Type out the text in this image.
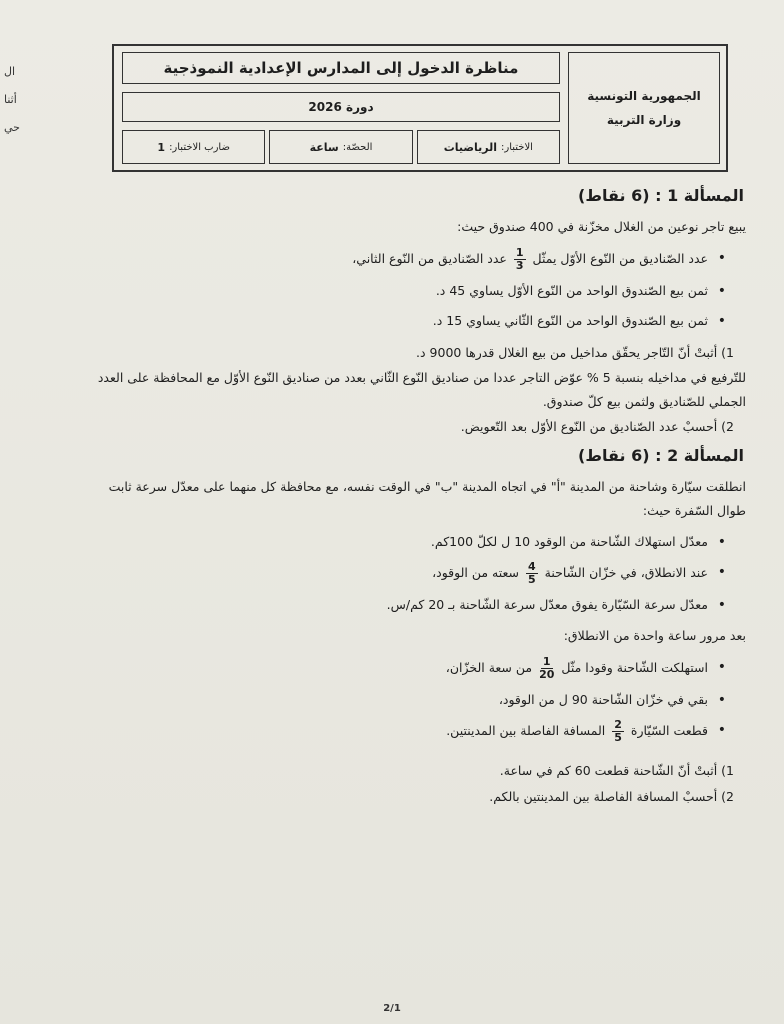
ال
أثنا
حي
الجمهورية التونسية
وزارة التربية
مناظرة الدخول إلى المدارس الإعدادية النموذجية
دورة 2026
الاختبار:
الرياضيات
الحصّة:
ساعة
ضارب الاختبار:
1
المسألة 1 : (6 نقاط)

يبيع تاجر نوعين من الغلال مخزّنة في 400 صندوق حيث:

• عدد الصّناديق من النّوع الأوّل يمثّل
$\frac{1}{3}$
عدد الصّناديق من النّوع الثاني،
• ثمن بيع الصّندوق الواحد من النّوع الأوّل يساوي 45 د.
• ثمن بيع الصّندوق الواحد من النّوع الثّاني يساوي 15 د.

1) أثبتْ أنّ التّاجر يحقّق مداخيل من بيع الغلال قدرها 9000 د.

للتّرفيع في مداخيله بنسبة 5 % عوّض التاجر عددا من صناديق النّوع الثّاني بعدد من صناديق النّوع الأوّل مع المحافظة على العدد الجملي للصّناديق ولثمن بيع كلّ صندوق.

2) أحسبْ عدد الصّناديق من النّوع الأوّل بعد التّعويض.

المسألة 2 : (6 نقاط)

انطلقت سيّارة وشاحنة من المدينة "أ" في اتجاه المدينة "ب" في الوقت نفسه، مع محافظة كل منهما على معدّل سرعة ثابت طوال السّفرة حيث:

• معدّل استهلاك الشّاحنة من الوقود 10 ل لكلّ 100كم.
• عند الانطلاق، في خزّان الشّاحنة
$\frac{4}{5}$
سعته من الوقود،
• معدّل سرعة السّيّارة يفوق معدّل سرعة الشّاحنة بـ 20 كم/س.

بعد مرور ساعة واحدة من الانطلاق:

• استهلكت الشّاحنة وقودا مثّل
$\frac{1}{20}$
من سعة الخزّان،
• بقي في خزّان الشّاحنة 90 ل من الوقود،
• قطعت السّيّارة
$\frac{2}{5}$
المسافة الفاصلة بين المدينتين.

1) أثبتْ أنّ الشّاحنة قطعت 60 كم في ساعة.

2) أحسبْ المسافة الفاصلة بين المدينتين بالكم.

2/1
